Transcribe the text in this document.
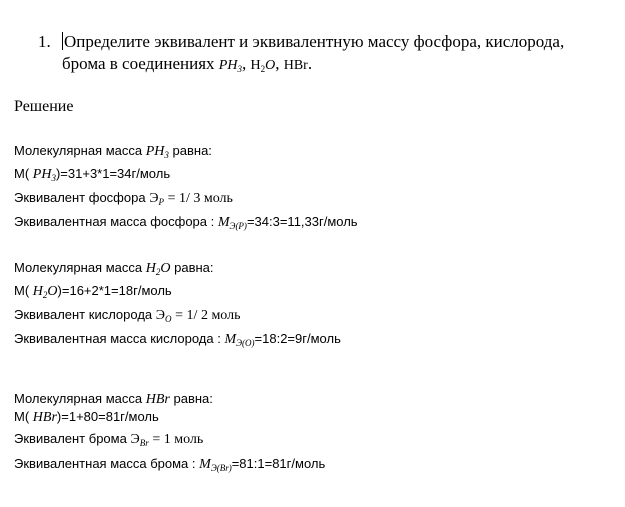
1. Определите эквивалент и эквивалентную массу фосфора, кислорода,
брома в соединениях $PH_3$, $H_2O$, HBr.
Решение
Молекулярная масса $PH_3$ равна:
М( $PH_3)=31+3*1=34г$/моль
Эквивалент фосфора $Э_P = 1/$ 3 моль
Эквивалентная масса фосфора : $M_{Э(P)}=34:3=11,33г$/моль
Молекулярная масса $H_2O$ равна:
М( $H_2O)=16+2*1=18г$/моль
Эквивалент кислорода $Э_O = 1/$ 2 моль
Эквивалентная масса кислорода : $M_{Э(O)}=18:2=9г$/моль
Молекулярная масса HBr равна:
М( HBr)=1+80=81г/моль
Эквивалент брома $Э_{Br} = 1$ моль
Эквивалентная масса брома : $M_{Э(Br)}=81:1=81г$/моль
